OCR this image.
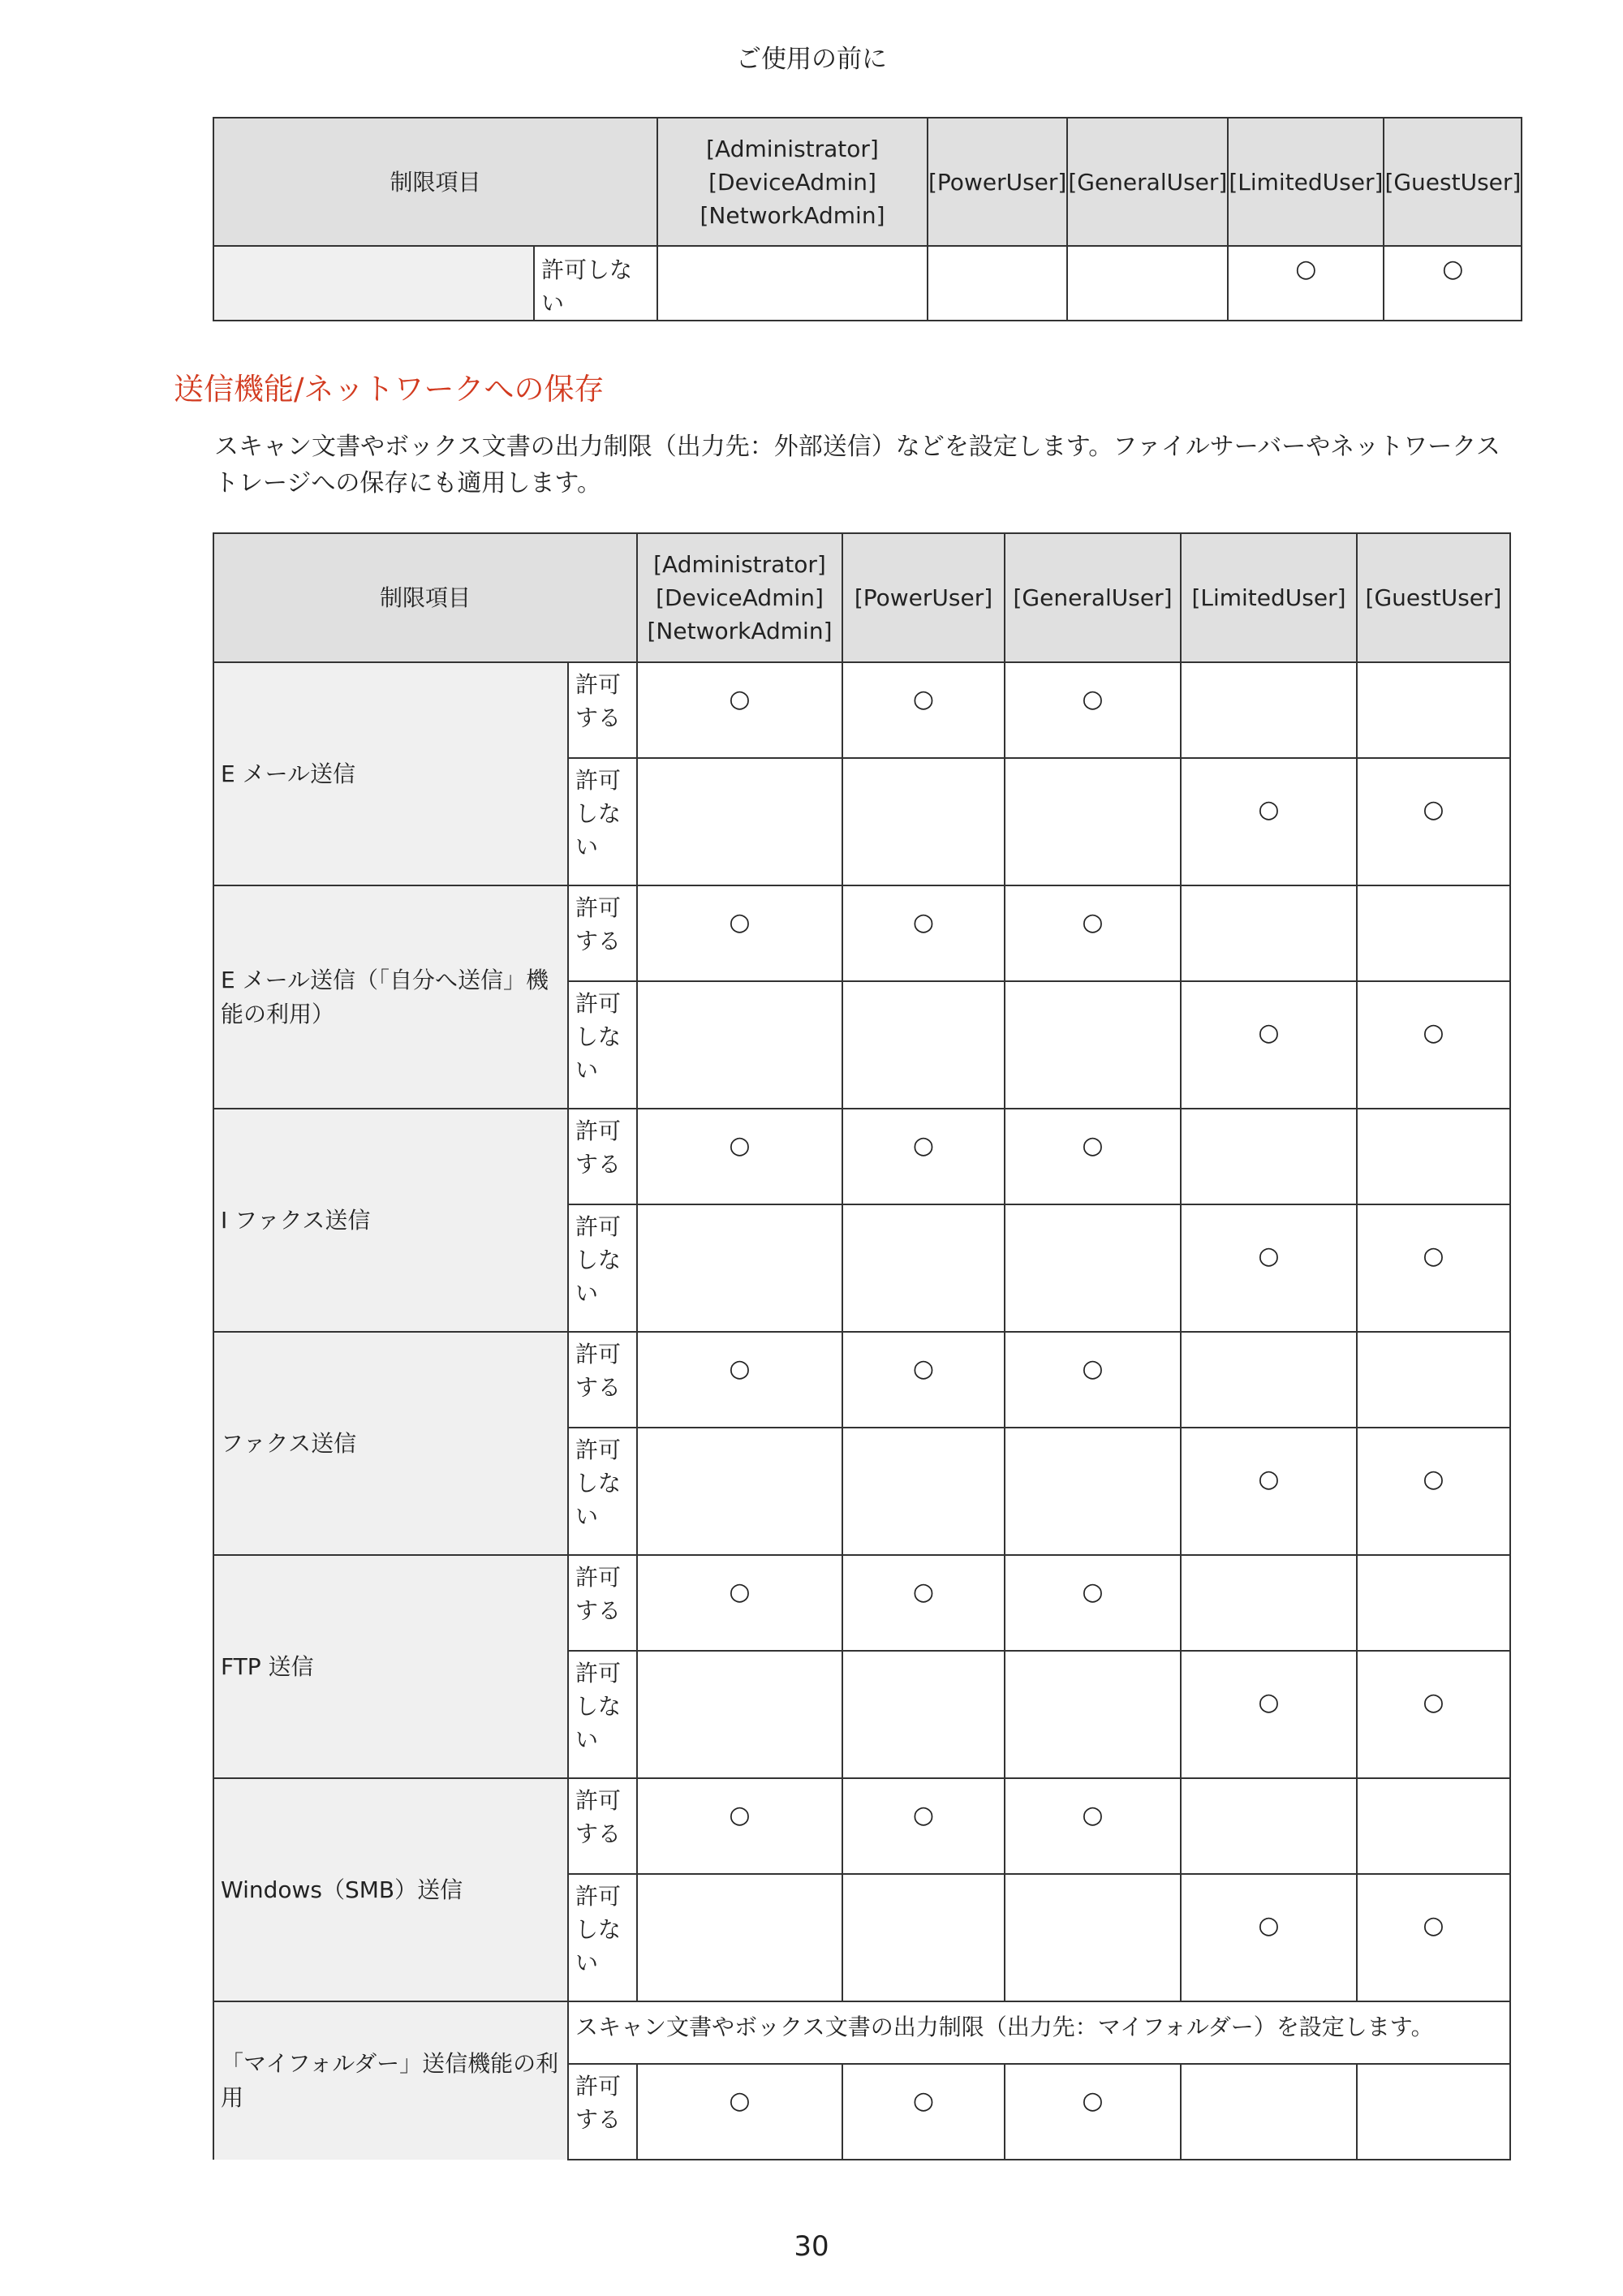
ご使用の前に
制限項目		[Administrator]
[DeviceAdmin]
[NetworkAdmin]	[PowerUser]	[GeneralUser]	[LimitedUser]	[GuestUser]
	許可しない				○	○
送信機能/ネットワークへの保存

スキャン文書やボックス文書の出力制限（出力先：外部送信）などを設定します。ファイルサーバーやネットワークストレージへの保存にも適用します。

制限項目		[Administrator]
[DeviceAdmin]
[NetworkAdmin]	[PowerUser]	[GeneralUser]	[LimitedUser]	[GuestUser]
E メール送信	許可
する	○	○	○		

	許可
しな
い				○	○
E メール送信（「自分へ送信」機能の利用）	許可
する	○	○	○		

	許可
しな
い				○	○
I ファクス送信	許可
する	○	○	○		

	許可
しな
い				○	○
ファクス送信	許可
する	○	○	○		

	許可
しな
い				○	○
FTP 送信	許可
する	○	○	○		

	許可
しな
い				○	○
Windows（SMB）送信	許可
する	○	○	○		

	許可
しな
い				○	○
「マイフォルダー」送信機能の利用	スキャン文書やボックス文書の出力制限（出力先：マイフォルダー）を設定します。					

	許可
する	○	○	○		
30
